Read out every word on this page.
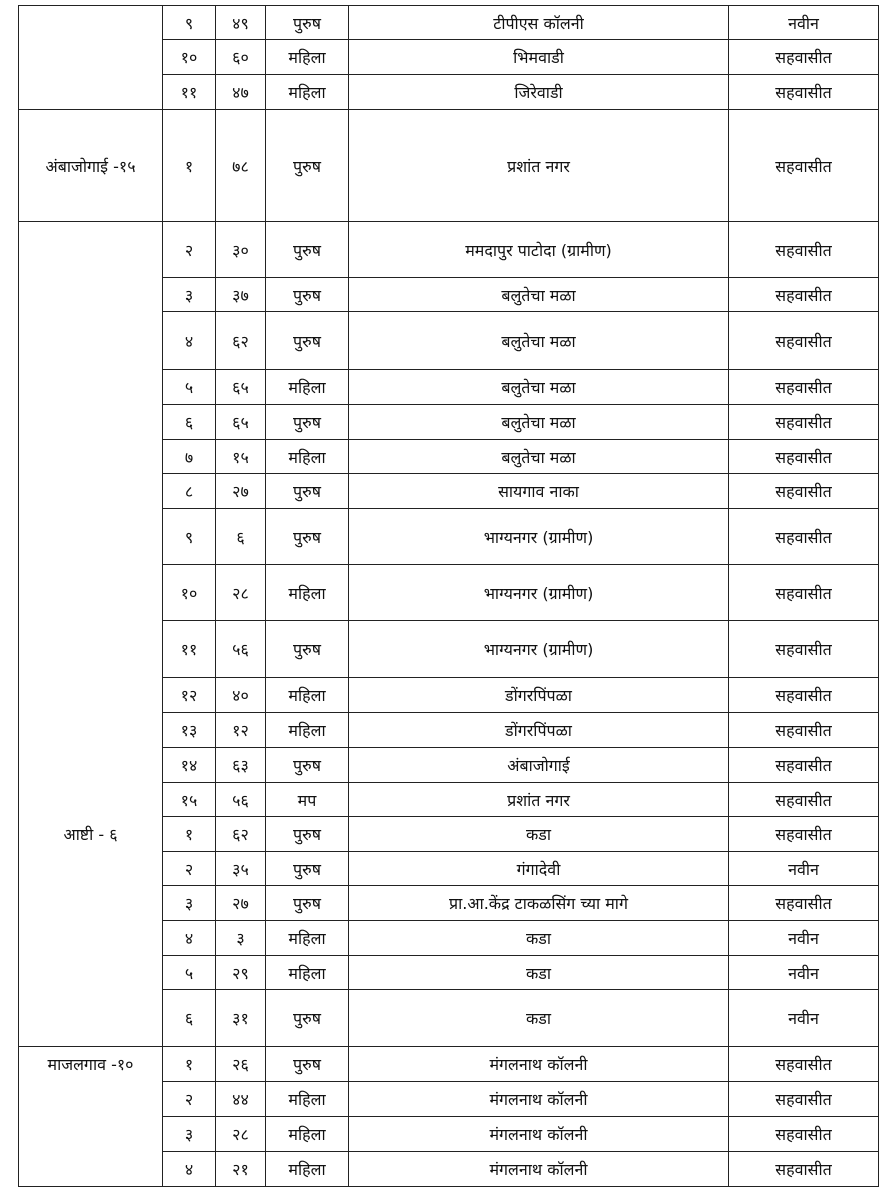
	९	४९	पुरुष	टीपीएस कॉलनी	नवीन
	१०	६०	महिला	भिमवाडी	सहवासीत
	११	४७	महिला	जिरेवाडी	सहवासीत
अंबाजोगाई -१५	१	७८	पुरुष	प्रशांत नगर	सहवासीत
	२	३०	पुरुष	ममदापुर पाटोदा (ग्रामीण)	सहवासीत
	३	३७	पुरुष	बलुतेचा मळा	सहवासीत
	४	६२	पुरुष	बलुतेचा मळा	सहवासीत
	५	६५	महिला	बलुतेचा मळा	सहवासीत
	६	६५	पुरुष	बलुतेचा मळा	सहवासीत
	७	१५	महिला	बलुतेचा मळा	सहवासीत
	८	२७	पुरुष	सायगाव नाका	सहवासीत
	९	६	पुरुष	भाग्यनगर (ग्रामीण)	सहवासीत
	१०	२८	महिला	भाग्यनगर (ग्रामीण)	सहवासीत
	११	५६	पुरुष	भाग्यनगर (ग्रामीण)	सहवासीत
	१२	४०	महिला	डोंगरपिंपळा	सहवासीत
	१३	१२	महिला	डोंगरपिंपळा	सहवासीत
	१४	६३	पुरुष	अंबाजोगाई	सहवासीत
	१५	५६	मप	प्रशांत नगर	सहवासीत
आष्टी - ६	१	६२	पुरुष	कडा	सहवासीत
	२	३५	पुरुष	गंगादेवी	नवीन
	३	२७	पुरुष	प्रा.आ.केंद्र टाकळसिंग च्या मागे	सहवासीत
	४	३	महिला	कडा	नवीन
	५	२९	महिला	कडा	नवीन
	६	३१	पुरुष	कडा	नवीन
माजलगाव -१०	१	२६	पुरुष	मंगलनाथ कॉलनी	सहवासीत
	२	४४	महिला	मंगलनाथ कॉलनी	सहवासीत
	३	२८	महिला	मंगलनाथ कॉलनी	सहवासीत
	४	२१	महिला	मंगलनाथ कॉलनी	सहवासीत
